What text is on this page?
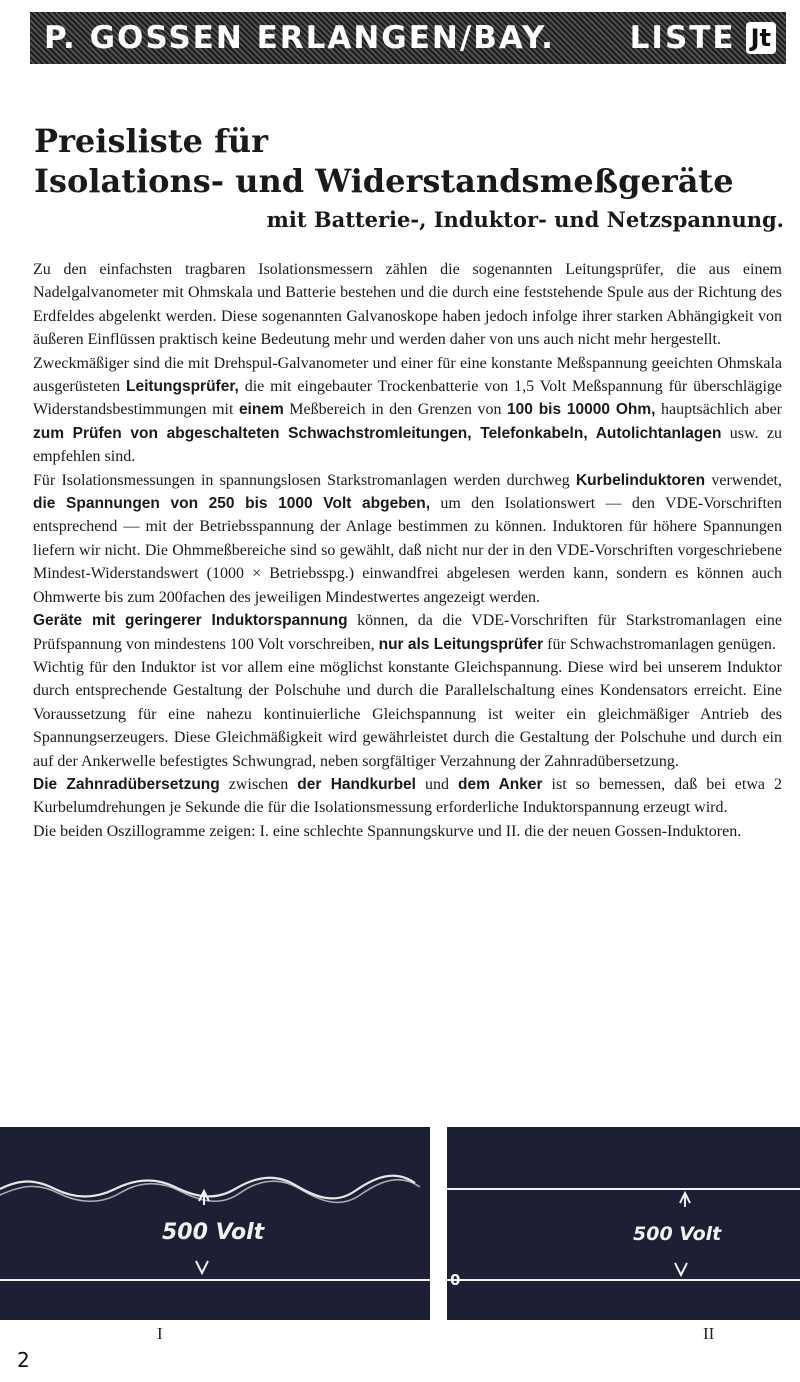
P. GOSSEN ERLANGEN/BAY. LISTE Jt
Preisliste für
Isolations- und Widerstandsmeßgeräte
mit Batterie-, Induktor- und Netzspannung.

Zu den einfachsten tragbaren Isolationsmessern zählen die sogenannten Leitungsprüfer, die aus einem Nadelgalvanometer mit Ohmskala und Batterie bestehen und die durch eine feststehende Spule aus der Richtung des Erdfeldes abgelenkt werden. Diese sogenannten Galvanoskope haben jedoch infolge ihrer starken Abhängigkeit von äußeren Einflüssen praktisch keine Bedeutung mehr und werden daher von uns auch nicht mehr hergestellt.

Zweckmäßiger sind die mit Drehspul-Galvanometer und einer für eine konstante Meßspannung geeichten Ohmskala ausgerüsteten Leitungsprüfer, die mit eingebauter Trockenbatterie von 1,5 Volt Meßspannung für überschlägige Widerstandsbestimmungen mit einem Meßbereich in den Grenzen von 100 bis 10000 Ohm, hauptsächlich aber zum Prüfen von abgeschalteten Schwachstromleitungen, Telefonkabeln, Autolichtanlagen usw. zu empfehlen sind.

Für Isolationsmessungen in spannungslosen Starkstromanlagen werden durchweg Kurbelinduktoren verwendet, die Spannungen von 250 bis 1000 Volt abgeben, um den Isolationswert — den VDE-Vorschriften entsprechend — mit der Betriebsspannung der Anlage bestimmen zu können. Induktoren für höhere Spannungen liefern wir nicht. Die Ohmmeßbereiche sind so gewählt, daß nicht nur der in den VDE-Vorschriften vorgeschriebene Mindest-Widerstandswert (1000 × Betriebsspg.) einwandfrei abgelesen werden kann, sondern es können auch Ohmwerte bis zum 200fachen des jeweiligen Mindestwertes angezeigt werden.

Geräte mit geringerer Induktorspannung können, da die VDE-Vorschriften für Starkstromanlagen eine Prüfspannung von mindestens 100 Volt vorschreiben, nur als Leitungsprüfer für Schwachstromanlagen genügen.

Wichtig für den Induktor ist vor allem eine möglichst konstante Gleichspannung. Diese wird bei unserem Induktor durch entsprechende Gestaltung der Polschuhe und durch die Parallelschaltung eines Kondensators erreicht. Eine Voraussetzung für eine nahezu kontinuierliche Gleichspannung ist weiter ein gleichmäßiger Antrieb des Spannungserzeugers. Diese Gleichmäßigkeit wird gewährleistet durch die Gestaltung der Polschuhe und durch ein auf der Ankerwelle befestigtes Schwungrad, neben sorgfältiger Verzahnung der Zahnradübersetzung.

Die Zahnradübersetzung zwischen der Handkurbel und dem Anker ist so bemessen, daß bei etwa 2 Kurbelumdrehungen je Sekunde die für die Isolationsmessung erforderliche Induktorspannung erzeugt wird.

Die beiden Oszillogramme zeigen: I. eine schlechte Spannungskurve und II. die der neuen Gossen-Induktoren.

500 Volt
I
500 Volt
0
II
2
